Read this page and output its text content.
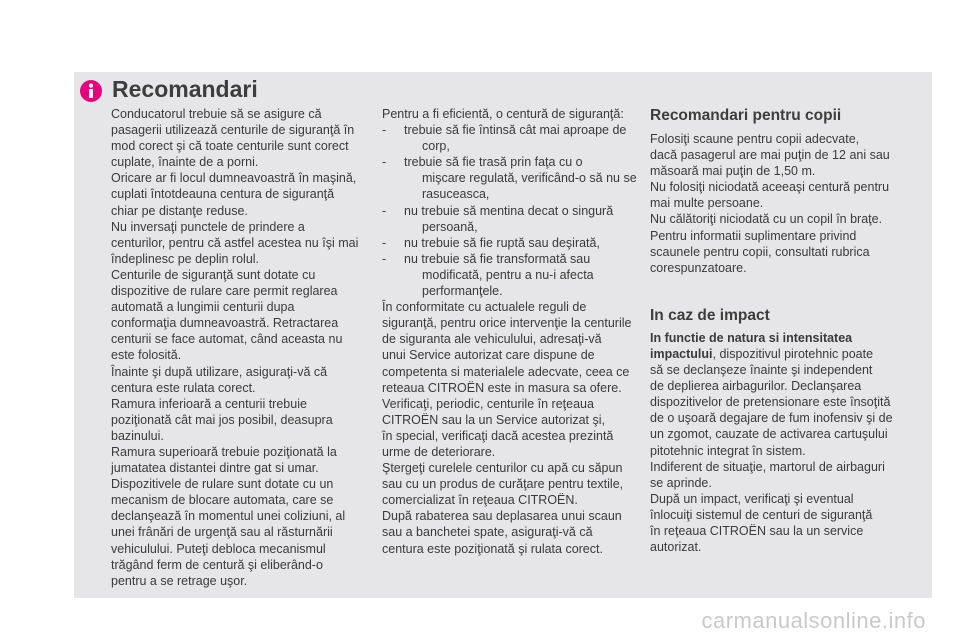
Recomandari

Conducatorul trebuie să se asigure că

pasagerii utilizează centurile de siguranţă în

mod corect şi că toate centurile sunt corect

cuplate, înainte de a porni.

Oricare ar fi locul dumneavoastră în maşină,

cuplati întotdeauna centura de siguranţă

chiar pe distanţe reduse.

Nu inversaţi punctele de prindere a

centurilor, pentru că astfel acestea nu îşi mai

îndeplinesc pe deplin rolul.

Centurile de siguranţă sunt dotate cu

dispozitive de rulare care permit reglarea

automată a lungimii centurii dupa

conformaţia dumneavoastră. Retractarea

centurii se face automat, când aceasta nu

este folosită.

Înainte şi după utilizare, asiguraţi-vă că

centura este rulata corect.

Ramura inferioară a centurii trebuie

poziţionată cât mai jos posibil, deasupra

bazinului.

Ramura superioară trebuie poziţionată la

jumatatea distantei dintre gat si umar.

Dispozitivele de rulare sunt dotate cu un

mecanism de blocare automata, care se

declanşează în momentul unei coliziuni, al

unei frânări de urgenţă sau al răsturnării

vehiculului. Puteţi debloca mecanismul

trăgând ferm de centură şi eliberând-o

pentru a se retrage uşor.

Pentru a fi eficientă, o centură de siguranţă:

-	trebuie să fie întinsă cât mai aproape de
corp,
-	trebuie să fie trasă prin faţa cu o
mişcare regulată, verificând-o să nu se
rasuceasca,
-	nu trebuie să mentina decat o singură
persoană,
-	nu trebuie să fie ruptă sau deşirată,
-	nu trebuie să fie transformată sau
modificată, pentru a nu-i afecta
performanţele.

În conformitate cu actualele reguli de

siguranţă, pentru orice intervenţie la centurile

de siguranta ale vehiculului, adresaţi-vă

unui Service autorizat care dispune de

competenta si materialele adecvate, ceea ce

reteaua CITROËN este in masura sa ofere.

Verificaţi, periodic, centurile în reţeaua

CITROËN sau la un Service autorizat şi,

în special, verificaţi dacă acestea prezintă

urme de deteriorare.

Ştergeţi curelele centurilor cu apă cu săpun

sau cu un produs de curăţare pentru textile,

comercializat în reţeaua CITROËN.

După rabaterea sau deplasarea unui scaun

sau a banchetei spate, asiguraţi-vă că

centura este poziţionată şi rulata corect.

Recomandari pentru copii

Folosiţi scaune pentru copii adecvate,

dacă pasagerul are mai puţin de 12 ani sau

măsoară mai puţin de 1,50 m.

Nu folosiţi niciodată aceeaşi centură pentru

mai multe persoane.

Nu călătoriţi niciodată cu un copil în braţe.

Pentru informatii suplimentare privind

scaunele pentru copii, consultati rubrica

corespunzatoare.

In caz de impact

In functie de natura si intensitatea

impactului, dispozitivul pirotehnic poate

să se declanşeze înainte şi independent

de deplierea airbagurilor. Declanşarea

dispozitivelor de pretensionare este însoţită

de o uşoară degajare de fum inofensiv şi de

un zgomot, cauzate de activarea cartuşului

pitotehnic integrat în sistem.

Indiferent de situaţie, martorul de airbaguri

se aprinde.

După un impact, verificaţi şi eventual

înlocuiţi sistemul de centuri de siguranţă

în reţeaua CITROËN sau la un service

autorizat.

carmanualsonline.info
